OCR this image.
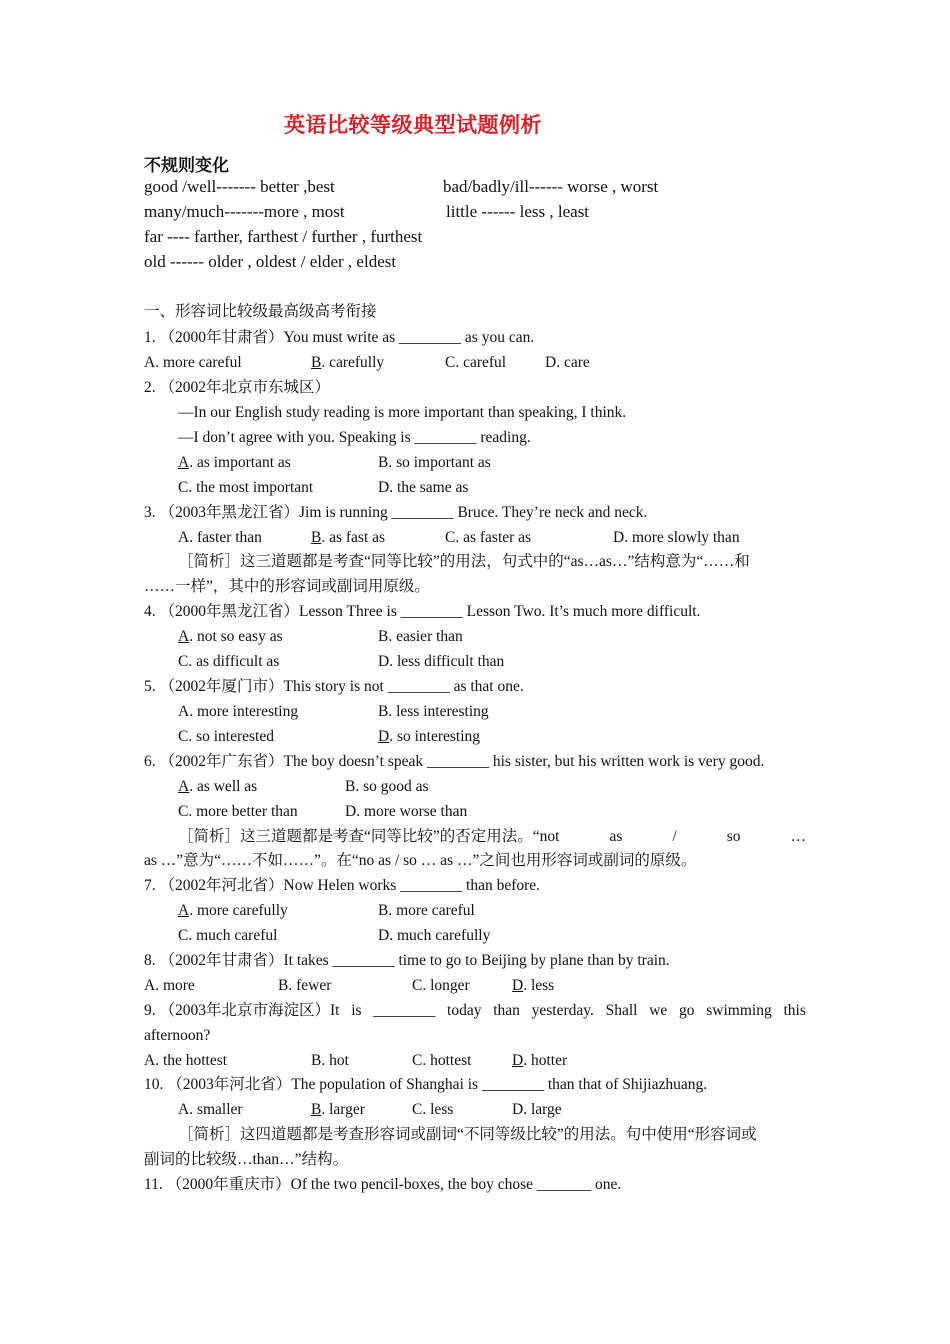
英语比较等级典型试题例析
不规则变化
good /well------- better ,best	bad/badly/ill------ worse , worst
many/much-------more , most	little ------ less , least
far ---- farther, farthest / further , furthest
old ------ older , oldest / elder , eldest
一、形容词比较级最高级高考衔接
1. （2000年甘肃省）You must write as ________ as you can.
A. more careful	B. carefully	C. careful	D. care
2. （2002年北京市东城区）
—In our English study reading is more important than speaking, I think.
—I don’t agree with you. Speaking is ________ reading.
A. as important as	B. so important as
C. the most important	D. the same as
3. （2003年黑龙江省）Jim is running ________ Bruce. They’re neck and neck.
A. faster than	B. as fast as	C. as faster as	D. more slowly than
［简析］这三道题都是考查“同等比较”的用法，句式中的“as…as…”结构意为“……和
……一样”，其中的形容词或副词用原级。
4. （2000年黑龙江省）Lesson Three is ________ Lesson Two. It’s much more difficult.
A. not so easy as	B. easier than
C. as difficult as	D. less difficult than
5. （2002年厦门市）This story is not ________ as that one.
A. more interesting	B. less interesting
C. so interested	D. so interesting
6. （2002年广东省）The boy doesn’t speak ________ his sister, but his written work is very good.
A. as well as	B. so good as
C. more better than	D. more worse than
［简析］这三道题都是考查“同等比较”的否定用法。“not	as	/	so	…
as …”意为“……不如……”。在“no as / so … as …”之间也用形容词或副词的原级。
7. （2002年河北省）Now Helen works ________ than before.
A. more carefully	B. more careful
C. much careful	D. much carefully
8. （2002年甘肃省）It takes ________ time to go to Beijing by plane than by train.
A. more	B. fewer	C. longer	D. less
9. （2003年北京市海淀区）It is ________ today than yesterday. Shall we go swimming this
afternoon?
A. the hottest	B. hot	C. hottest	D. hotter
10. （2003年河北省）The population of Shanghai is ________ than that of Shijiazhuang.
A. smaller	B. larger	C. less	D. large
［简析］这四道题都是考查形容词或副词“不同等级比较”的用法。句中使用“形容词或
副词的比较级…than…”结构。
11. （2000年重庆市）Of the two pencil-boxes, the boy chose _______ one.
